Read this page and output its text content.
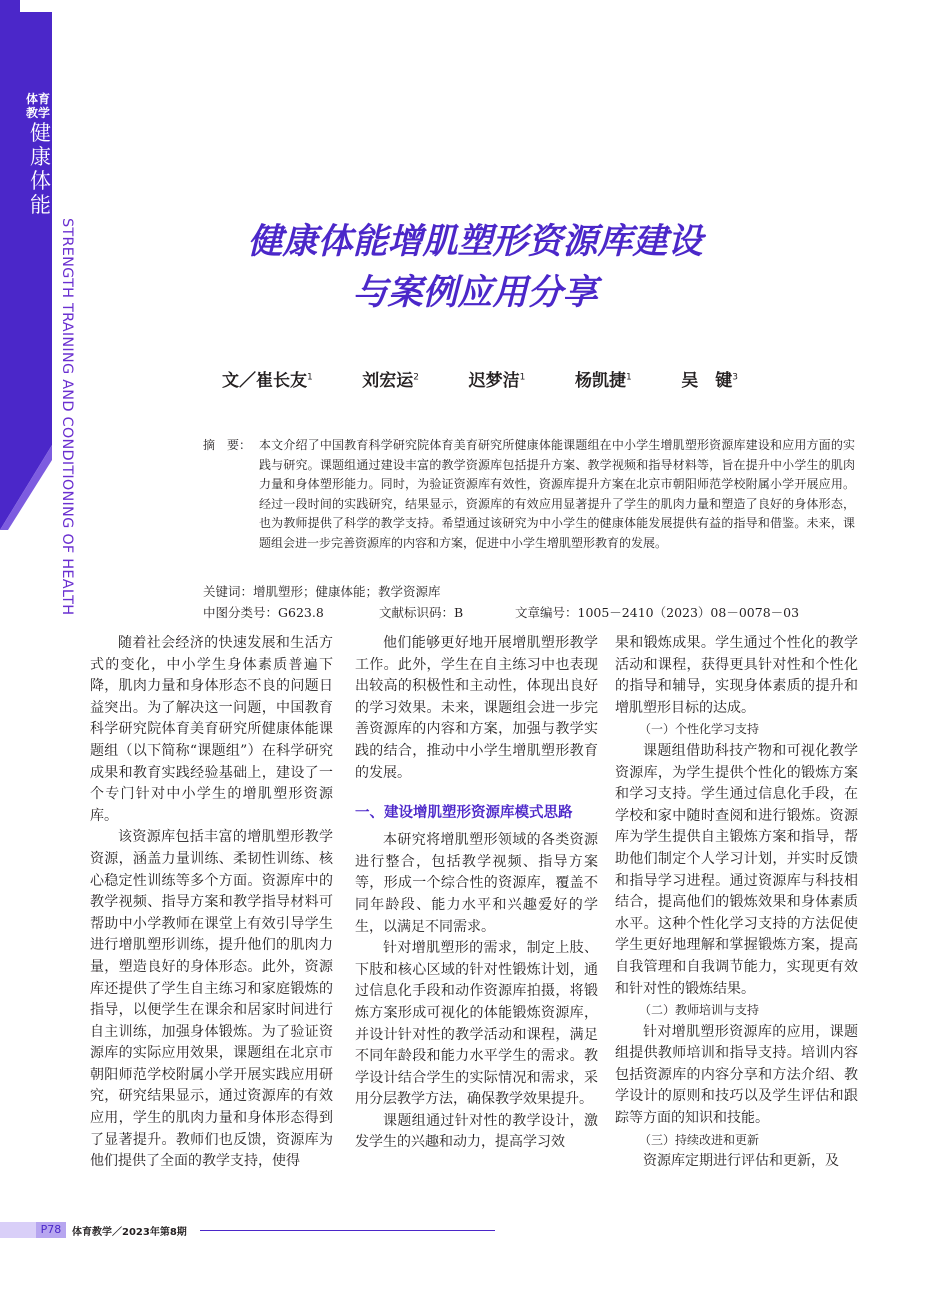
体育教学
健康体能
STRENGTH TRAINING AND CONDITIONING OF HEALTH	健康体能增肌塑形资源库建设
与案例应用分享
文／崔长友$^1$	刘宏运$^2$	迟梦洁$^1$	杨凯捷$^1$	吴　键$^3$
摘　要： 本文介绍了中国教育科学研究院体育美育研究所健康体能课题组在中小学生增肌塑形资源库建设和应用方面的实践与研究。课题组通过建设丰富的教学资源库包括提升方案、教学视频和指导材料等，旨在提升中小学生的肌肉力量和身体塑形能力。同时，为验证资源库有效性，资源库提升方案在北京市朝阳师范学校附属小学开展应用。经过一段时间的实践研究，结果显示，资源库的有效应用显著提升了学生的肌肉力量和塑造了良好的身体形态，也为教师提供了科学的教学支持。希望通过该研究为中小学生的健康体能发展提供有益的指导和借鉴。未来，课题组会进一步完善资源库的内容和方案，促进中小学生增肌塑形教育的发展。
关键词：增肌塑形；健康体能；教学资源库
中图分类号：G623.8	文献标识码：B	文章编号：1005－2410（2023）08－0078－03

随着社会经济的快速发展和生活方式的变化，中小学生身体素质普遍下降，肌肉力量和身体形态不良的问题日益突出。为了解决这一问题，中国教育科学研究院体育美育研究所健康体能课题组（以下简称“课题组”）在科学研究成果和教育实践经验基础上，建设了一个专门针对中小学生的增肌塑形资源库。

该资源库包括丰富的增肌塑形教学资源，涵盖力量训练、柔韧性训练、核心稳定性训练等多个方面。资源库中的教学视频、指导方案和教学指导材料可帮助中小学教师在课堂上有效引导学生进行增肌塑形训练，提升他们的肌肉力量，塑造良好的身体形态。此外，资源库还提供了学生自主练习和家庭锻炼的指导，以便学生在课余和居家时间进行自主训练，加强身体锻炼。为了验证资源库的实际应用效果，课题组在北京市朝阳师范学校附属小学开展实践应用研究，研究结果显示，通过资源库的有效应用，学生的肌肉力量和身体形态得到了显著提升。教师们也反馈，资源库为他们提供了全面的教学支持，使得

他们能够更好地开展增肌塑形教学工作。此外，学生在自主练习中也表现出较高的积极性和主动性，体现出良好的学习效果。未来，课题组会进一步完善资源库的内容和方案，加强与教学实践的结合，推动中小学生增肌塑形教育的发展。

一、建设增肌塑形资源库模式思路

本研究将增肌塑形领域的各类资源进行整合，包括教学视频、指导方案等，形成一个综合性的资源库，覆盖不同年龄段、能力水平和兴趣爱好的学生，以满足不同需求。

针对增肌塑形的需求，制定上肢、下肢和核心区域的针对性锻炼计划，通过信息化手段和动作资源库拍摄，将锻炼方案形成可视化的体能锻炼资源库，并设计针对性的教学活动和课程，满足不同年龄段和能力水平学生的需求。教学设计结合学生的实际情况和需求，采用分层教学方法，确保教学效果提升。

课题组通过针对性的教学设计，激发学生的兴趣和动力，提高学习效

果和锻炼成果。学生通过个性化的教学活动和课程，获得更具针对性和个性化的指导和辅导，实现身体素质的提升和增肌塑形目标的达成。

（一）个性化学习支持

课题组借助科技产物和可视化教学资源库，为学生提供个性化的锻炼方案和学习支持。学生通过信息化手段，在学校和家中随时查阅和进行锻炼。资源库为学生提供自主锻炼方案和指导，帮助他们制定个人学习计划，并实时反馈和指导学习进程。通过资源库与科技相结合，提高他们的锻炼效果和身体素质水平。这种个性化学习支持的方法促使学生更好地理解和掌握锻炼方案，提高自我管理和自我调节能力，实现更有效和针对性的锻炼结果。

（二）教师培训与支持

针对增肌塑形资源库的应用，课题组提供教师培训和指导支持。培训内容包括资源库的内容分享和方法介绍、教学设计的原则和技巧以及学生评估和跟踪等方面的知识和技能。

（三）持续改进和更新

资源库定期进行评估和更新，及

P78	体育教学／2023年第8期
